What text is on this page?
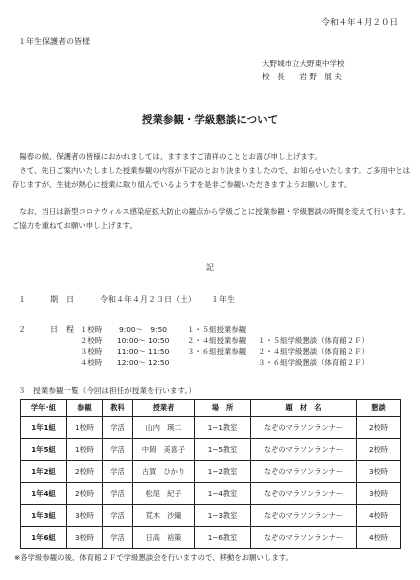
令和４年４月２０日
１年生保護者の皆様
大野城市立大野東中学校
校　長　　岩 野　展 夫
授業参観・学級懇談について
　陽春の候、保護者の皆様におかれましては、ますますご清祥のこととお喜び申し上げます。
　さて、先日ご案内いたしました授業参観の内容が下記のとおり決まりましたので、お知らせいたします。ご多用中とは存じますが、生徒が熱心に授業に取り組んでいるようすを是非ご参観いただきますようお願いします。
　なお、当日は新型コロナウィルス感染症拡大防止の観点から学級ごとに授業参観・学級懇談の時間を変えて行います。ご協力を重ねてお願い申し上げます。
記
１	期　日	令和４年４月２３日（土） １年生
２	日　程 １校時 9:00〜　9:50	１・５組授業参観
２校時 10:00〜 10:50 ２・４組授業参観 １・５組学級懇談（体育館２Ｆ）
３校時 11:00〜 11:50 ３・６組授業参観 ２・４組学級懇談（体育館２Ｆ）
４校時 12:00〜 12:50	３・６組学級懇談（体育館２Ｆ）
３　授業参観一覧（今回は担任が授業を行います。）
学年･組	参観	教科	授業者	場　所	題　材　名	懇談
1年1組	1校時	学活	山内　瑛二	1−1教室	なぞのマラソンランナー	2校時
1年5組	1校時	学活	中岡　美喜子	1−5教室	なぞのマラソンランナー	2校時
1年2組	2校時	学活	古賀　ひかり	1−2教室	なぞのマラソンランナー	3校時
1年4組	2校時	学活	松尾　紀子	1−4教室	なぞのマラソンランナー	3校時
1年3組	3校時	学活	荒木　沙織	1−3教室	なぞのマラソンランナー	4校時
1年6組	3校時	学活	日高　裕策	1−6教室	なぞのマラソンランナー	4校時
※各学級参観の後、体育館２Ｆで学級懇談会を行いますので、移動をお願いします。
